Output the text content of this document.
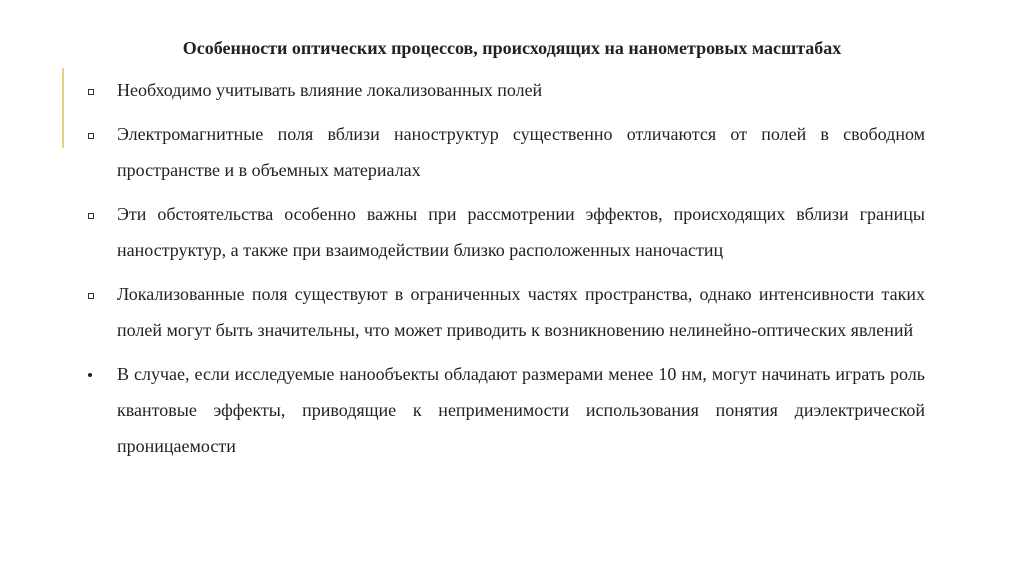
Особенности оптических процессов, происходящих на нанометровых масштабах
Необходимо учитывать влияние локализованных полей
Электромагнитные поля вблизи наноструктур существенно отличаются от полей в свободном пространстве и в объемных материалах
Эти обстоятельства особенно важны при рассмотрении эффектов, происходящих вблизи границы наноструктур, а также при взаимодействии близко расположенных наночастиц
Локализованные поля существуют в ограниченных частях пространства, однако интенсивности таких полей могут быть значительны, что может приводить к возникновению нелинейно-оптических явлений
В случае, если исследуемые нанообъекты обладают размерами менее 10 нм, могут начинать играть роль квантовые эффекты, приводящие к неприменимости использования понятия диэлектрической проницаемости
